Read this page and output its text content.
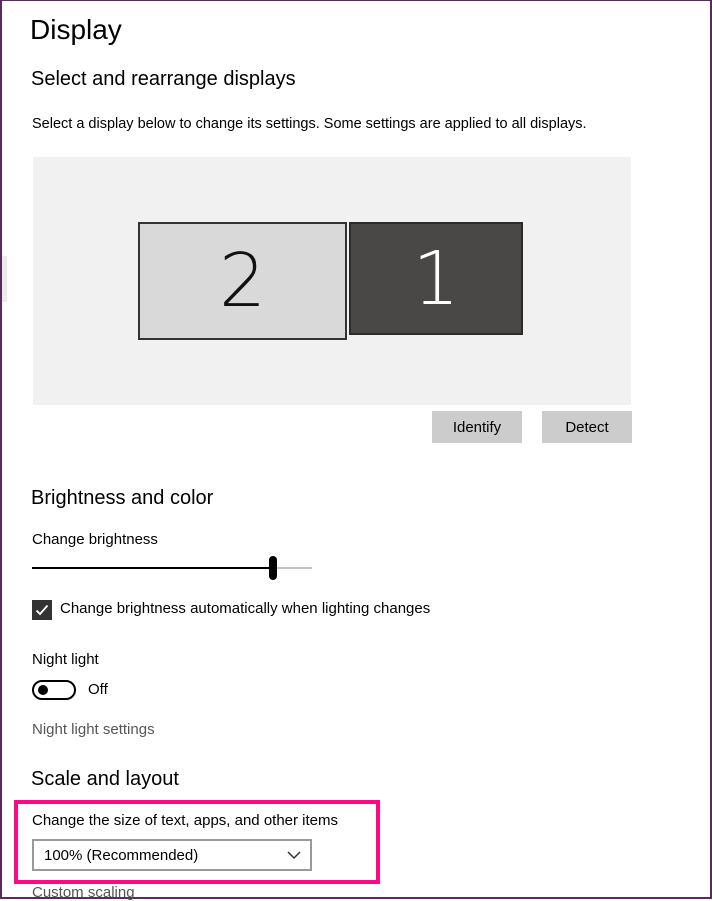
Display
Select and rearrange displays
Select a display below to change its settings. Some settings are applied to all displays.
2	1
Identify	Detect
Brightness and color
Change brightness
Change brightness automatically when lighting changes
Night light
Off
Night light settings
Scale and layout
Change the size of text, apps, and other items
100% (Recommended)
Custom scaling
